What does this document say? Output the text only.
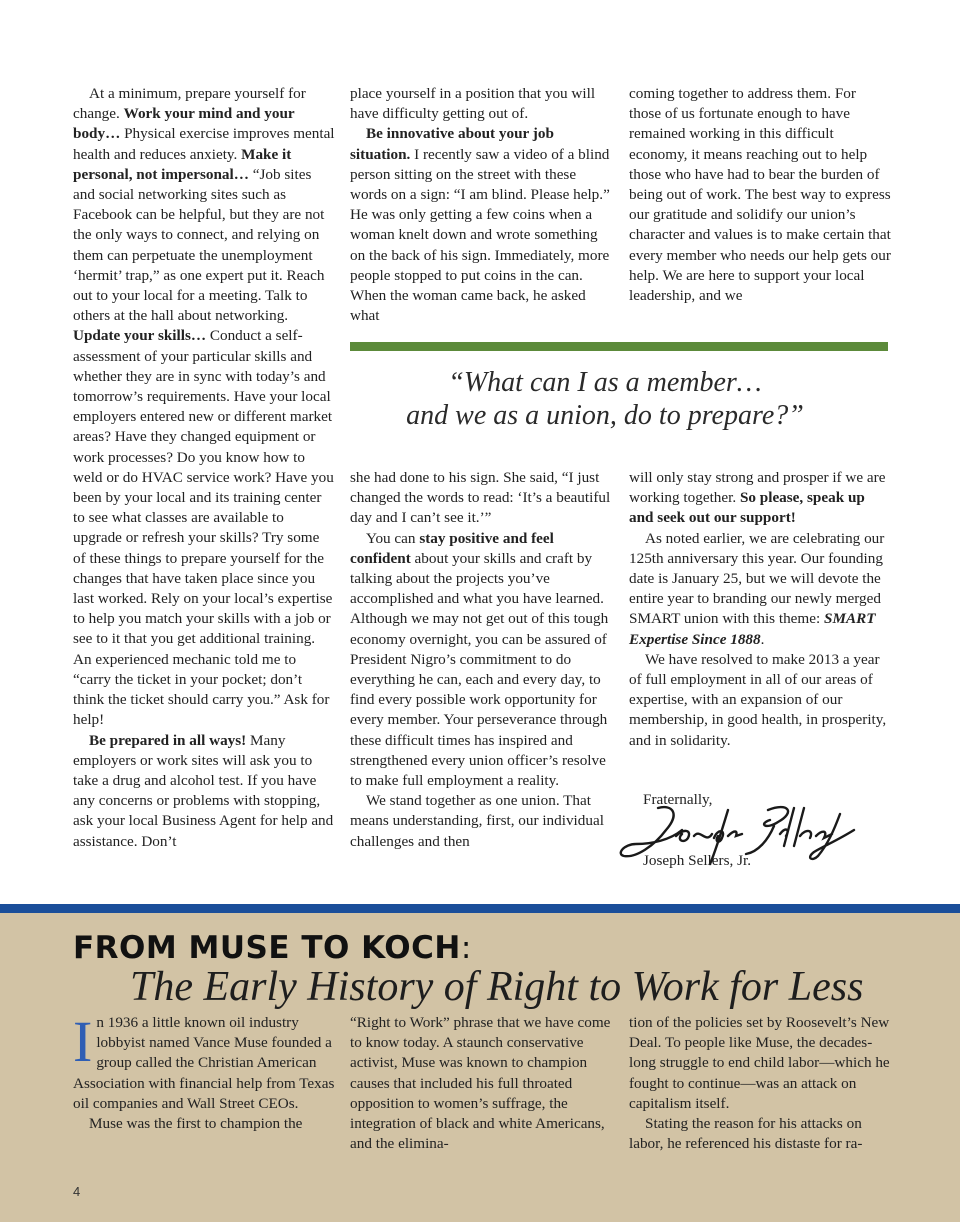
At a minimum, prepare yourself for change. Work your mind and your body… Physical exercise improves mental health and reduces anxiety. Make it personal, not impersonal… “Job sites and social networking sites such as Facebook can be helpful, but they are not the only ways to connect, and relying on them can perpetuate the unemployment ‘hermit’ trap,” as one expert put it. Reach out to your local for a meeting. Talk to others at the hall about networking. Update your skills… Conduct a self-assessment of your particular skills and whether they are in sync with today’s and tomorrow’s requirements. Have your local employers entered new or different market areas? Have they changed equipment or work processes? Do you know how to weld or do HVAC service work? Have you been by your local and its training center to see what classes are available to upgrade or refresh your skills? Try some of these things to prepare yourself for the changes that have taken place since you last worked. Rely on your local’s expertise to help you match your skills with a job or see to it that you get additional training. An experienced mechanic told me to “carry the ticket in your pocket; don’t think the ticket should carry you.” Ask for help!

Be prepared in all ways! Many employers or work sites will ask you to take a drug and alcohol test. If you have any concerns or problems with stopping, ask your local Business Agent for help and assistance. Don’t

place yourself in a position that you will have difficulty getting out of.

Be innovative about your job situation. I recently saw a video of a blind person sitting on the street with these words on a sign: “I am blind. Please help.” He was only getting a few coins when a woman knelt down and wrote something on the back of his sign. Immediately, more people stopped to put coins in the can. When the woman came back, he asked what

coming together to address them. For those of us fortunate enough to have remained working in this difficult economy, it means reaching out to help those who have had to bear the burden of being out of work. The best way to express our gratitude and solidify our union’s character and values is to make certain that every member who needs our help gets our help. We are here to support your local leadership, and we

“What can I as a member…
and we as a union, do to prepare?”

she had done to his sign. She said, “I just changed the words to read: ‘It’s a beautiful day and I can’t see it.’”

You can stay positive and feel confident about your skills and craft by talking about the projects you’ve accomplished and what you have learned. Although we may not get out of this tough economy overnight, you can be assured of President Nigro’s commitment to do everything he can, each and every day, to find every possible work opportunity for every member. Your perseverance through these difficult times has inspired and strengthened every union officer’s resolve to make full employment a reality.

We stand together as one union. That means understanding, first, our individual challenges and then

will only stay strong and prosper if we are working together. So please, speak up and seek out our support!

As noted earlier, we are celebrating our 125th anniversary this year. Our founding date is January 25, but we will devote the entire year to branding our newly merged SMART union with this theme: SMART Expertise Since 1888.

We have resolved to make 2013 a year of full employment in all of our areas of expertise, with an expansion of our membership, in good health, in prosperity, and in solidarity.

Fraternally,
Joseph Sellers, Jr.
FROM MUSE TO KOCH:
The Early History of Right to Work for Less

In 1936 a little known oil industry lobbyist named Vance Muse founded a group called the Christian American Association with financial help from Texas oil companies and Wall Street CEOs.

Muse was the first to champion the

“Right to Work” phrase that we have come to know today. A staunch conservative activist, Muse was known to champion causes that included his full throated opposition to women’s suffrage, the integration of black and white Americans, and the elimina-

tion of the policies set by Roosevelt’s New Deal. To people like Muse, the decades-long struggle to end child labor—which he fought to continue—was an attack on capitalism itself.

Stating the reason for his attacks on labor, he referenced his distaste for ra-

4
